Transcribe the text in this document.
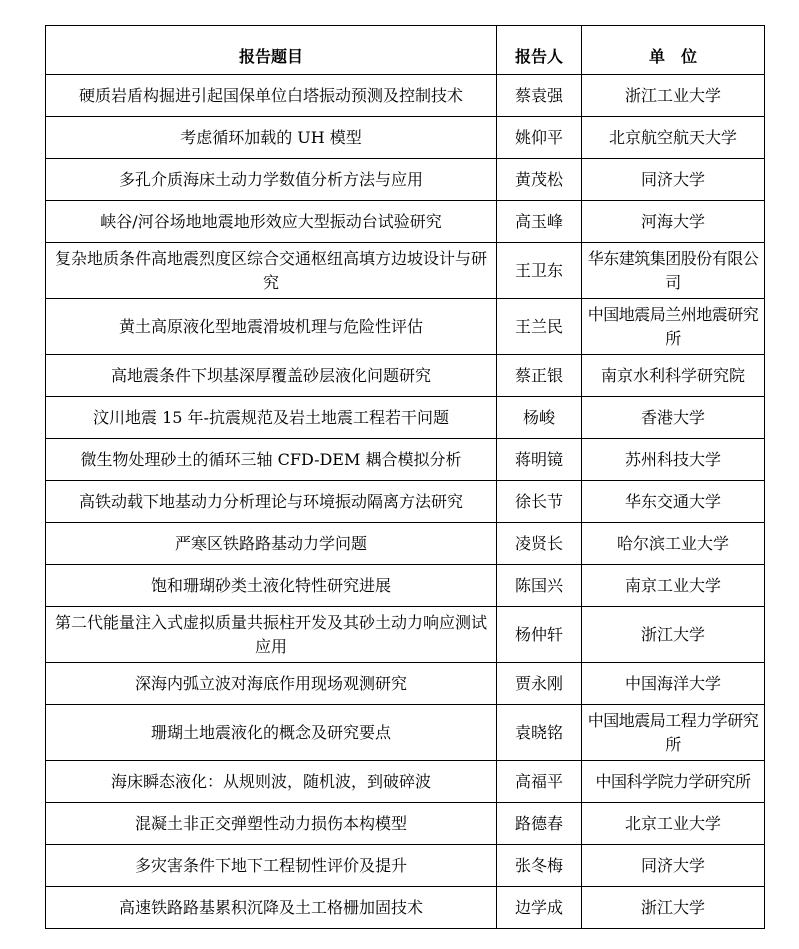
报告题目	报告人	单　位
硬质岩盾构掘进引起国保单位白塔振动预测及控制技术	蔡袁强	浙江工业大学
考虑循环加载的 UH 模型	姚仰平	北京航空航天大学
多孔介质海床土动力学数值分析方法与应用	黄茂松	同济大学
峡谷/河谷场地地震地形效应大型振动台试验研究	高玉峰	河海大学
复杂地质条件高地震烈度区综合交通枢纽高填方边坡设计与研究	王卫东	华东建筑集团股份有限公司
黄土高原液化型地震滑坡机理与危险性评估	王兰民	中国地震局兰州地震研究所
高地震条件下坝基深厚覆盖砂层液化问题研究	蔡正银	南京水利科学研究院
汶川地震 15 年-抗震规范及岩土地震工程若干问题	杨峻	香港大学
微生物处理砂土的循环三轴 CFD-DEM 耦合模拟分析	蒋明镜	苏州科技大学
高铁动载下地基动力分析理论与环境振动隔离方法研究	徐长节	华东交通大学
严寒区铁路路基动力学问题	凌贤长	哈尔滨工业大学
饱和珊瑚砂类土液化特性研究进展	陈国兴	南京工业大学
第二代能量注入式虚拟质量共振柱开发及其砂土动力响应测试应用	杨仲轩	浙江大学
深海内弧立波对海底作用现场观测研究	贾永刚	中国海洋大学
珊瑚土地震液化的概念及研究要点	袁晓铭	中国地震局工程力学研究所
海床瞬态液化：从规则波，随机波，到破碎波	高福平	中国科学院力学研究所
混凝土非正交弹塑性动力损伤本构模型	路德春	北京工业大学
多灾害条件下地下工程韧性评价及提升	张冬梅	同济大学
高速铁路路基累积沉降及土工格栅加固技术	边学成	浙江大学
